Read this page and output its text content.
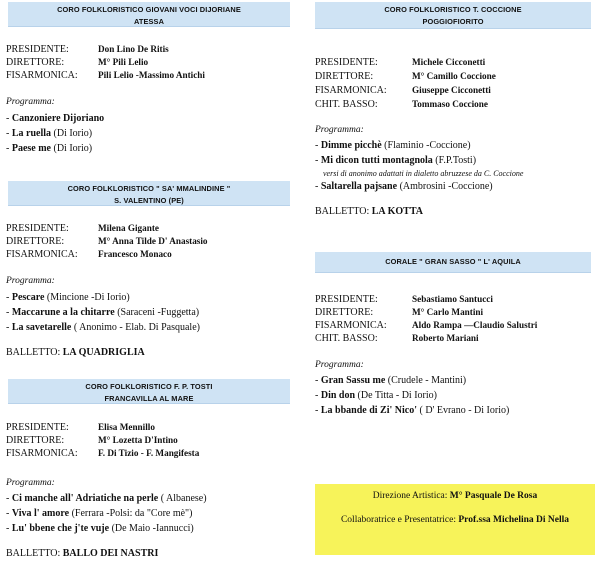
CORO FOLKLORISTICO GIOVANI VOCI DIJORIANE
ATESSA
PRESIDENTE:	Don Lino De Ritis
DIRETTORE:	M° Pili Lelio
FISARMONICA: Pili Lelio -Massimo Antichi
Programma:
- Canzoniere Dijoriano
- La ruella (Di Iorio)
- Paese me (Di Iorio)
CORO FOLKLORISTICO " SA' MMALINDINE "
S. VALENTINO (PE)
PRESIDENTE:	Milena Gigante
DIRETTORE:	M° Anna Tilde D' Anastasio
FISARMONICA: Francesco Monaco
Programma:
- Pescare (Mincione -Di Iorio)
- Maccarune a la chitarre (Saraceni -Fuggetta)
- La savetarelle ( Anonimo - Elab. Di Pasquale)
BALLETTO: LA QUADRIGLIA
CORO FOLKLORISTICO F. P. TOSTI
FRANCAVILLA AL MARE
PRESIDENTE:	Elisa Mennillo
DIRETTORE:	M° Lozetta D'Intino
FISARMONICA: F. Di Tizio - F. Mangifesta
Programma:
- Ci manche all' Adriatiche na perle ( Albanese)
- Viva l' amore (Ferrara -Polsi: da "Core mè")
- Lu' bbene che j'te vuje (De Maio -Iannucci)
BALLETTO: BALLO DEI NASTRI
CORO FOLKLORISTICO T. COCCIONE
POGGIOFIORITO
PRESIDENTE:	Michele Cicconetti
DIRETTORE:	M° Camillo Coccione
FISARMONICA:	Giuseppe Cicconetti
CHIT. BASSO:	Tommaso Coccione
Programma:
- Dimme picchè (Flaminio -Coccione)
- Mi dicon tutti montagnola (F.P.Tosti)
versi di anonimo adattati in dialetto abruzzese da C. Coccione
- Saltarella pajsane (Ambrosini -Coccione)
BALLETTO: LA KOTTA
CORALE " GRAN SASSO " L' AQUILA
PRESIDENTE:	Sebastiamo Santucci
DIRETTORE:	M° Carlo Mantini
FISARMONICA:	Aldo Rampa —Claudio Salustri
CHIT. BASSO:	Roberto Mariani
Programma:
- Gran Sassu me (Crudele - Mantini)
- Din don (De Titta - Di Iorio)
- La bbande di Zi' Nico' ( D' Evrano - Di Iorio)
Direzione Artistica: M° Pasquale De Rosa
Collaboratrice e Presentatrice: Prof.ssa Michelina Di Nella
